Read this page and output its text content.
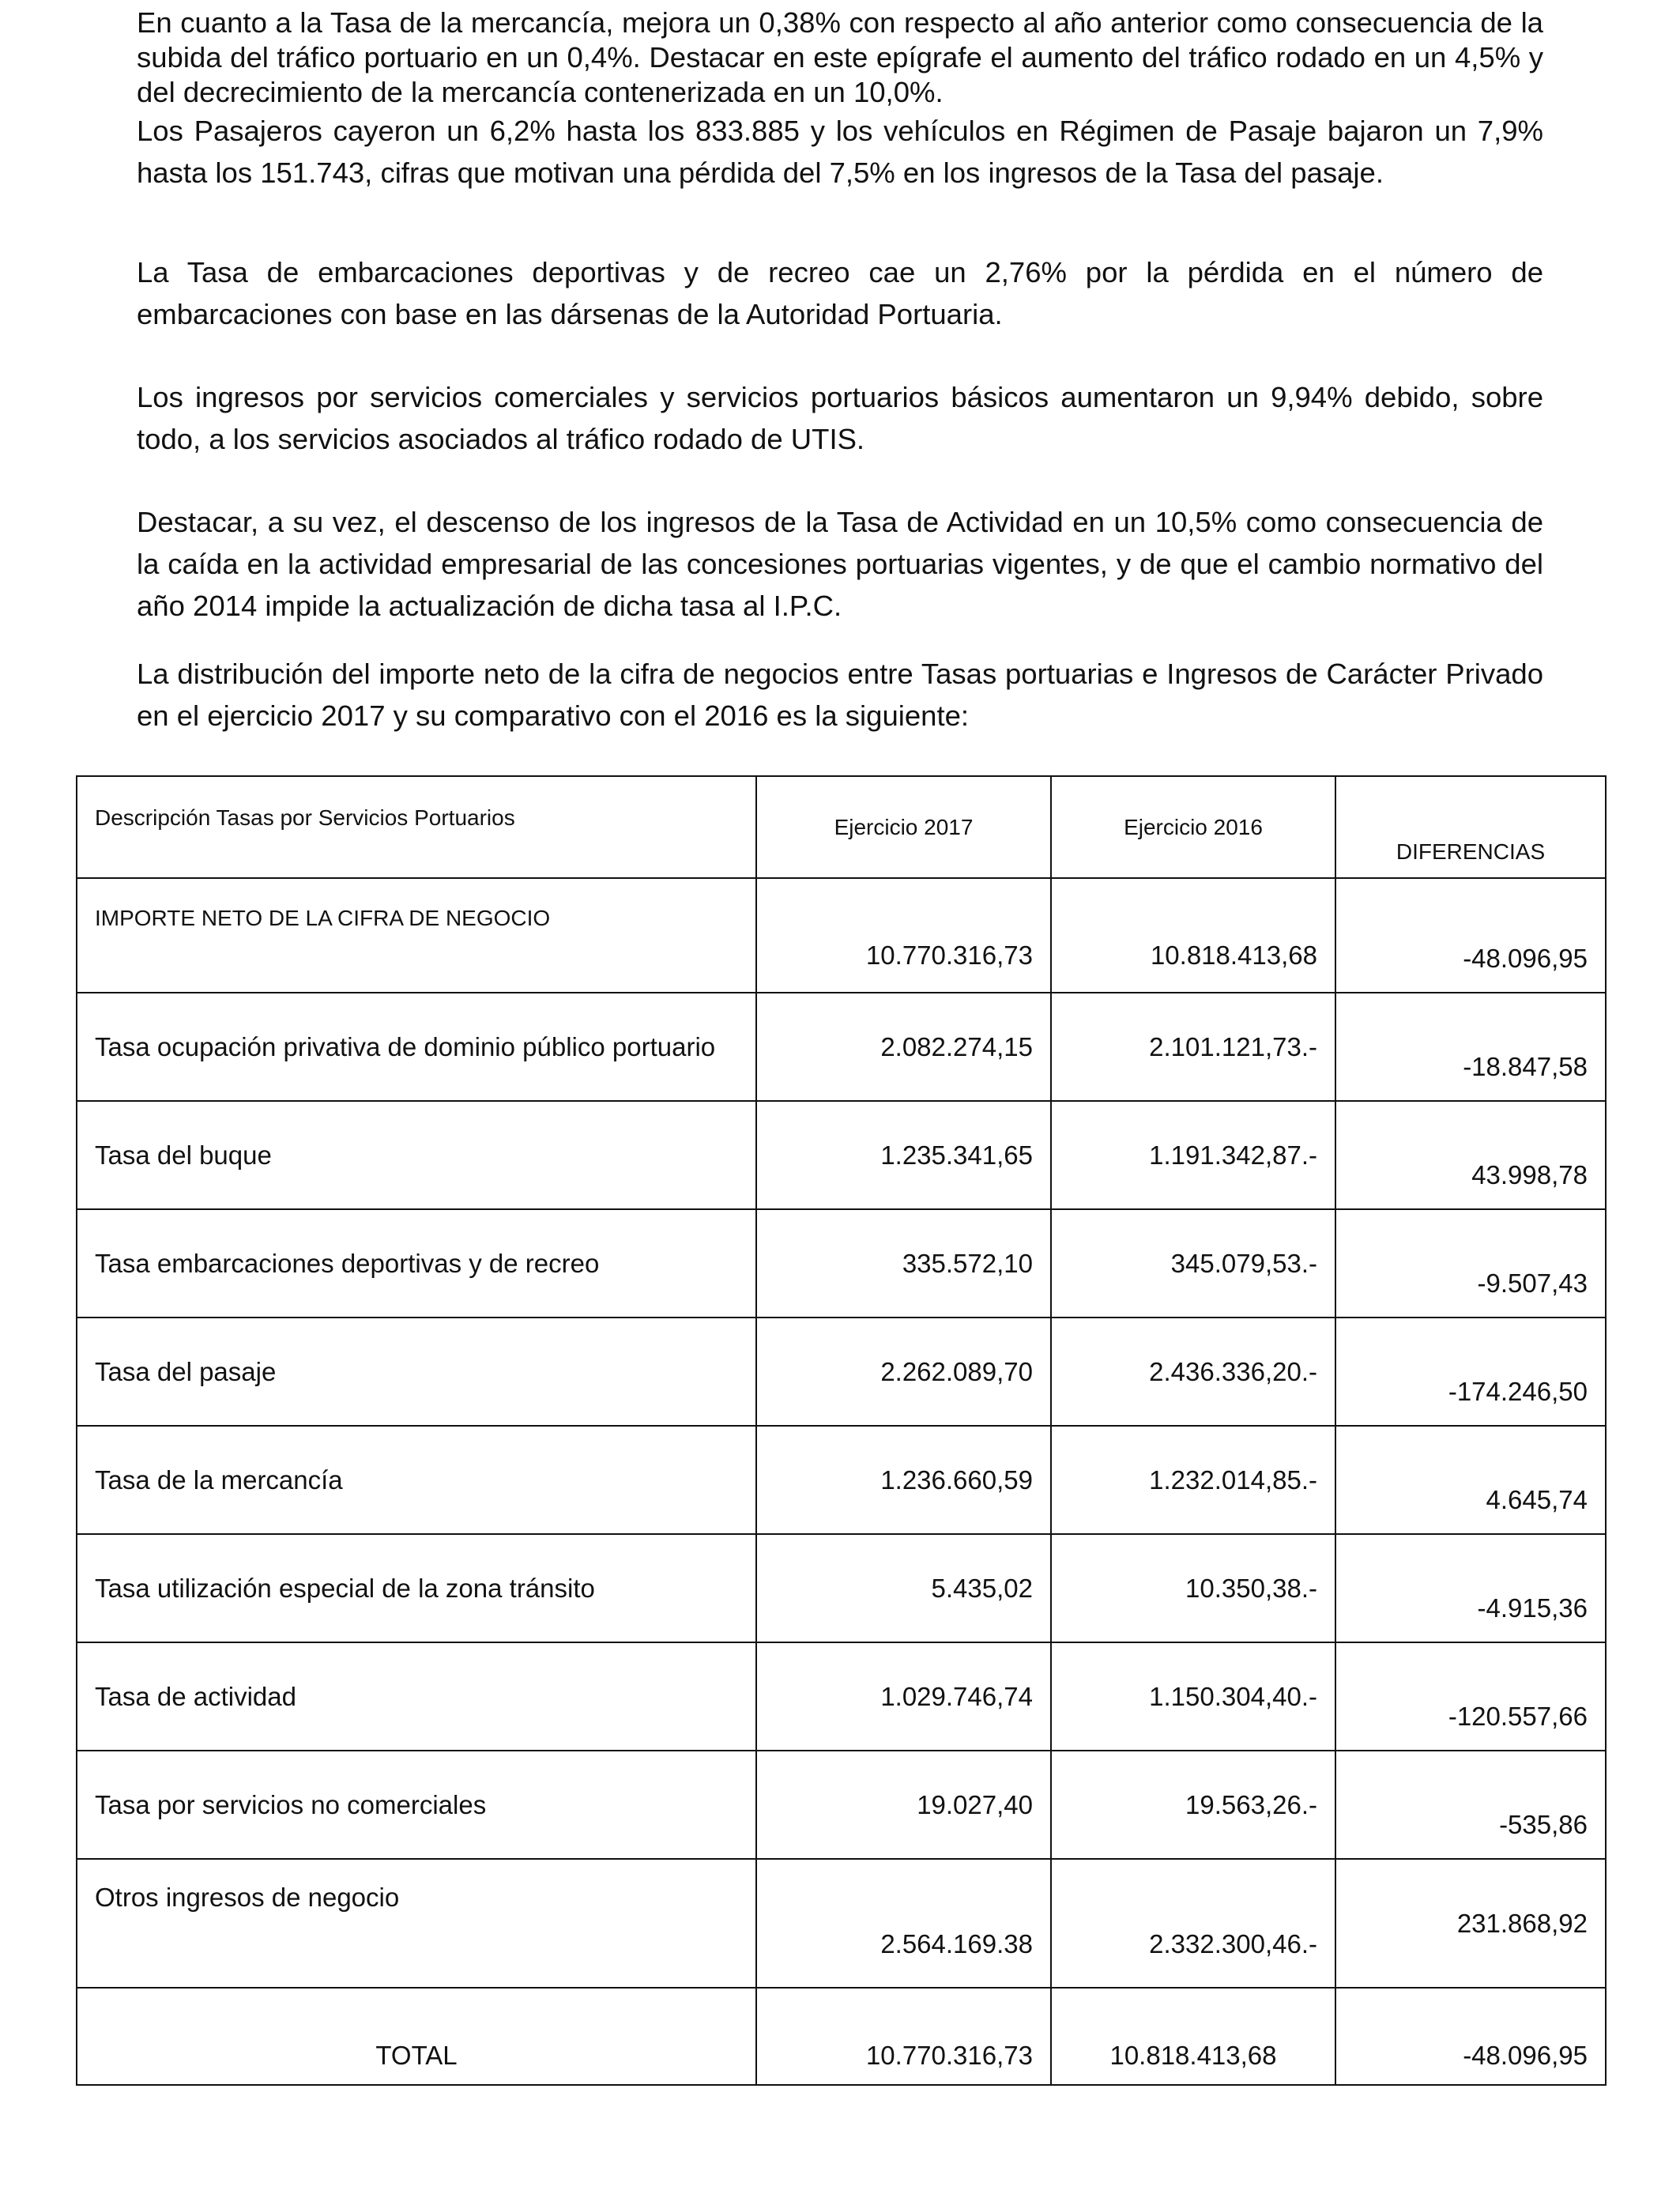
En cuanto a la Tasa de la mercancía, mejora un 0,38% con respecto al año anterior como consecuencia de la subida del tráfico portuario en un 0,4%. Destacar en este epígrafe el aumento del tráfico rodado en un 4,5% y del decrecimiento de la mercancía contenerizada en un 10,0%.

Los Pasajeros cayeron un 6,2% hasta los 833.885 y los vehículos en Régimen de Pasaje bajaron un 7,9% hasta los 151.743, cifras que motivan una pérdida del 7,5% en los ingresos de la Tasa del pasaje.

La Tasa de embarcaciones deportivas y de recreo cae un 2,76% por la pérdida en el número de embarcaciones con base en las dársenas de la Autoridad Portuaria.

Los ingresos por servicios comerciales y servicios portuarios básicos aumentaron un 9,94% debido, sobre todo, a los servicios asociados al tráfico rodado de UTIS.

Destacar, a su vez, el descenso de los ingresos de la Tasa de Actividad en un 10,5% como consecuencia de la caída en la actividad empresarial de las concesiones portuarias vigentes, y de que el cambio normativo del año 2014 impide la actualización de dicha tasa al I.P.C.

La distribución del importe neto de la cifra de negocios entre Tasas portuarias e Ingresos de Carácter Privado en el ejercicio 2017 y su comparativo con el 2016 es la siguiente:

Descripción Tasas por Servicios Portuarios	Ejercicio 2017	Ejercicio 2016	DIFERENCIAS
IMPORTE NETO DE LA CIFRA DE NEGOCIO	10.770.316,73	10.818.413,68	-48.096,95
Tasa ocupación privativa de dominio público portuario	2.082.274,15	2.101.121,73.-	-18.847,58
Tasa del buque	1.235.341,65	1.191.342,87.-	43.998,78
Tasa embarcaciones deportivas y de recreo	335.572,10	345.079,53.-	-9.507,43
Tasa del pasaje	2.262.089,70	2.436.336,20.-	-174.246,50
Tasa de la mercancía	1.236.660,59	1.232.014,85.-	4.645,74
Tasa utilización especial de la zona tránsito	5.435,02	10.350,38.-	-4.915,36
Tasa de actividad	1.029.746,74	1.150.304,40.-	-120.557,66
Tasa por servicios no comerciales	19.027,40	19.563,26.-	-535,86
Otros ingresos de negocio	2.564.169.38	2.332.300,46.-	231.868,92
TOTAL	10.770.316,73	10.818.413,68	-48.096,95
